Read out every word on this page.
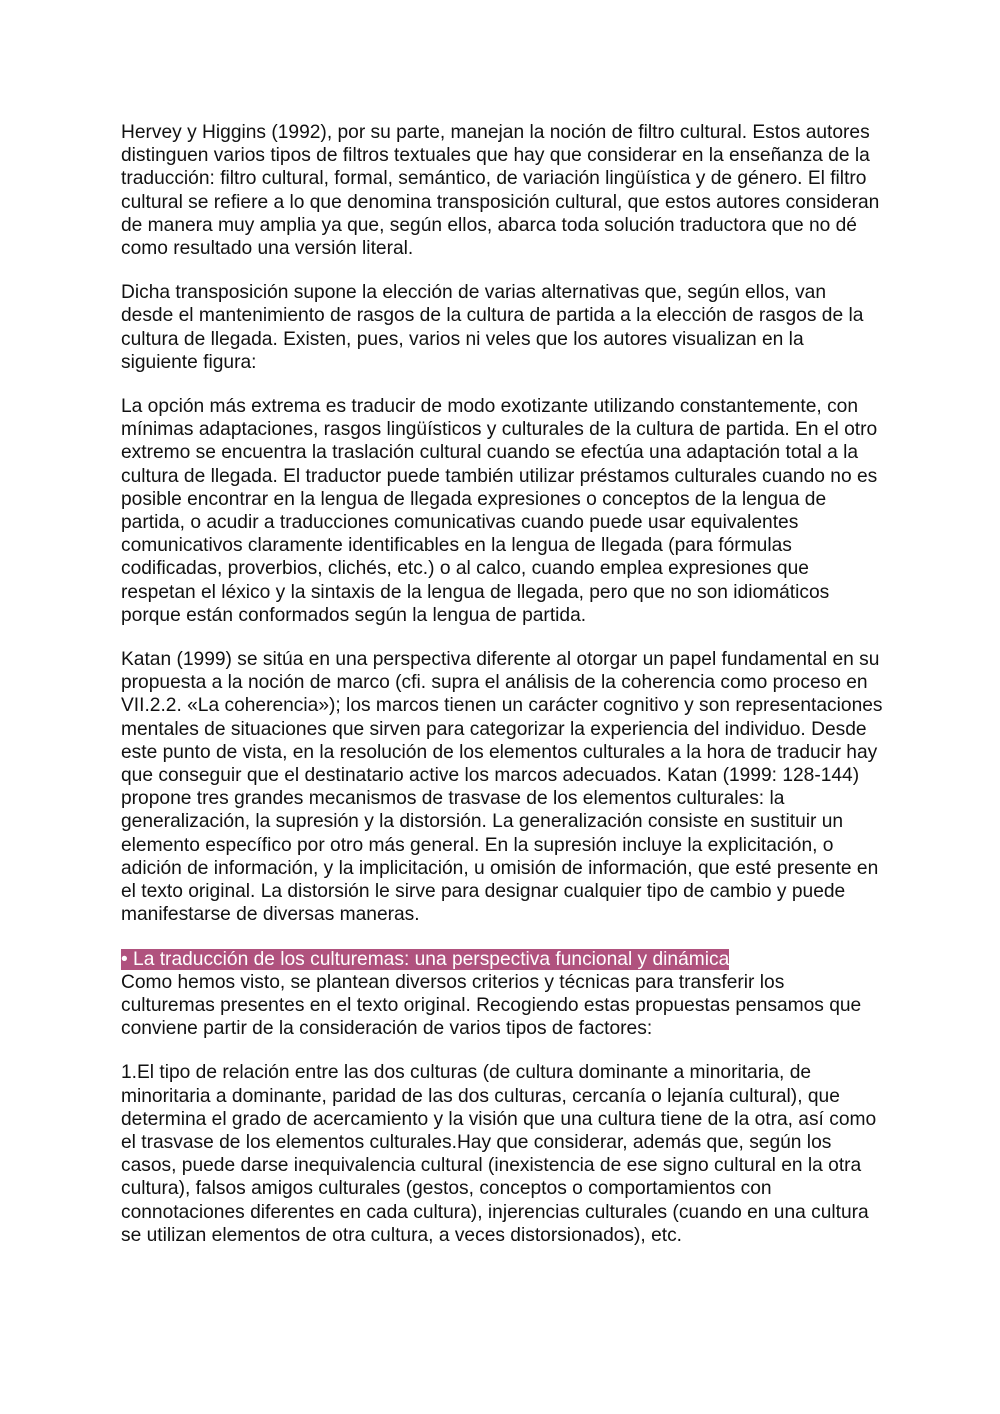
Hervey y Higgins (1992), por su parte, manejan la noción de filtro cultural. Estos autores distinguen varios tipos de filtros textuales que hay que considerar en la enseñanza de la traducción: filtro cultural, formal, semántico, de variación lingüística y de género. El filtro cultural se refiere a lo que denomina transposición cultural, que estos autores consideran de manera muy amplia ya que, según ellos, abarca toda solución traductora que no dé como resultado una versión literal.

Dicha transposición supone la elección de varias alternativas que, según ellos, van desde el mantenimiento de rasgos de la cultura de partida a la elección de rasgos de la cultura de llegada. Existen, pues, varios ni veles que los autores visualizan en la siguiente figura:

La opción más extrema es traducir de modo exotizante utilizando constantemente, con mínimas adaptaciones, rasgos lingüísticos y culturales de la cultura de partida. En el otro extremo se encuentra la traslación cultural cuando se efectúa una adaptación total a la cultura de llegada. El traductor puede también utilizar préstamos culturales cuando no es posible encontrar en la lengua de llegada expresiones o conceptos de la lengua de partida, o acudir a traducciones comunicativas cuando puede usar equivalentes comunicativos claramente identificables en la lengua de llegada (para fórmulas codificadas, proverbios, clichés, etc.) o al calco, cuando emplea expresiones que respetan el léxico y la sintaxis de la lengua de llegada, pero que no son idiomáticos porque están conformados según la lengua de partida.

Katan (1999) se sitúa en una perspectiva diferente al otorgar un papel fundamental en su propuesta a la noción de marco (cfi. supra el análisis de la coherencia como proceso en VII.2.2. «La coherencia»); los marcos tienen un carácter cognitivo y son representaciones mentales de situaciones que sirven para categorizar la experiencia del individuo. Desde este punto de vista, en la resolución de los elementos culturales a la hora de traducir hay que conseguir que el destinatario active los marcos adecuados. Katan (1999: 128-144) propone tres grandes mecanismos de trasvase de los elementos culturales: la generalización, la supresión y la distorsión. La generalización consiste en sustituir un elemento específico por otro más general. En la supresión incluye la explicitación, o adición de información, y la implicitación, u omisión de información, que esté presente en el texto original. La distorsión le sirve para designar cualquier tipo de cambio y puede manifestarse de diversas maneras.

• La traducción de los culturemas: una perspectiva funcional y dinámica

Como hemos visto, se plantean diversos criterios y técnicas para transferir los culturemas presentes en el texto original. Recogiendo estas propuestas pensamos que conviene partir de la consideración de varios tipos de factores:

1.El tipo de relación entre las dos culturas (de cultura dominante a minoritaria, de minoritaria a dominante, paridad de las dos culturas, cercanía o lejanía cultural), que determina el grado de acercamiento y la visión que una cultura tiene de la otra, así como el trasvase de los elementos culturales.Hay que considerar, además que, según los casos, puede darse inequivalencia cultural (inexistencia de ese signo cultural en la otra cultura), falsos amigos culturales (gestos, conceptos o comportamientos con connotaciones diferentes en cada cultura), injerencias culturales (cuando en una cultura se utilizan elementos de otra cultura, a veces distorsionados), etc.
